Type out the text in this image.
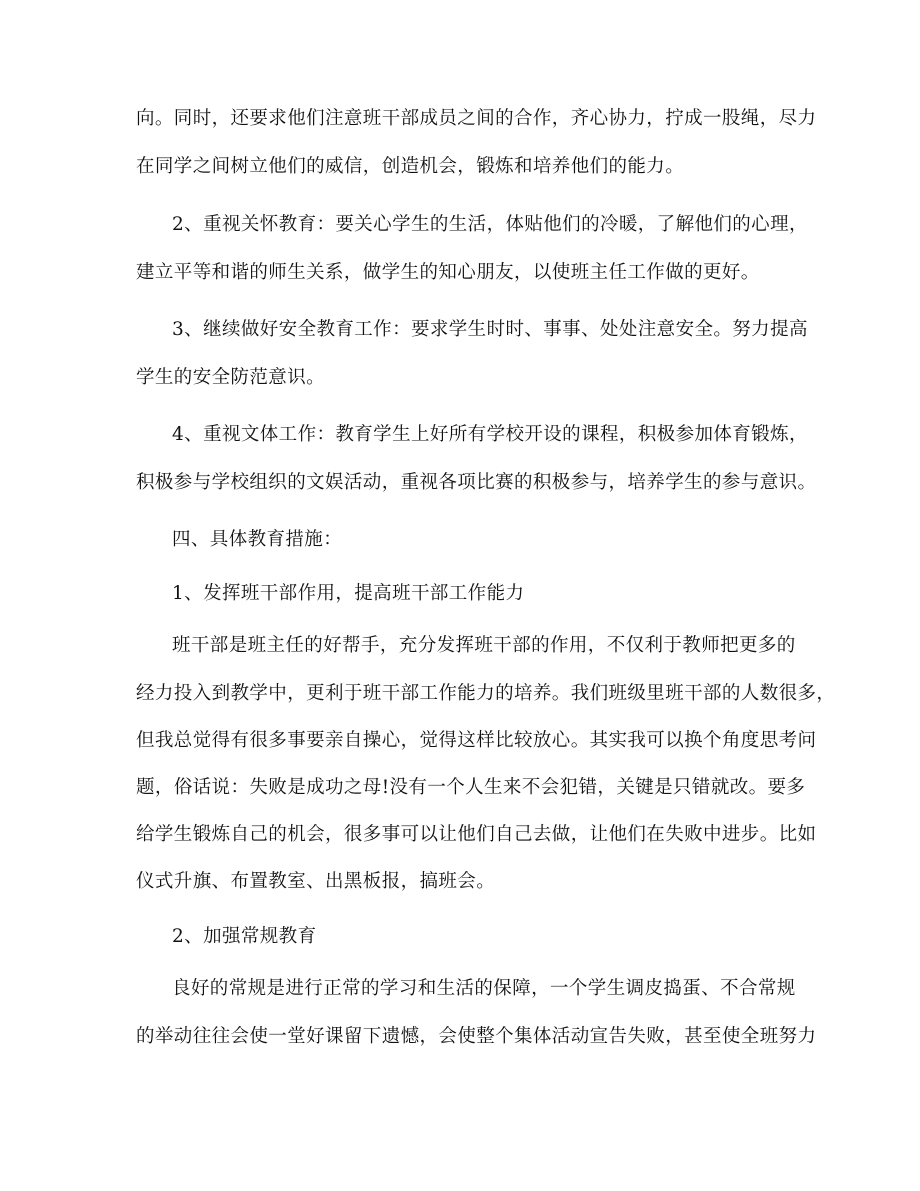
向。同时，还要求他们注意班干部成员之间的合作，齐心协力，拧成一股绳，尽力
在同学之间树立他们的威信，创造机会，锻炼和培养他们的能力。
2、重视关怀教育：要关心学生的生活，体贴他们的冷暖，了解他们的心理，
建立平等和谐的师生关系，做学生的知心朋友，以使班主任工作做的更好。
3、继续做好安全教育工作：要求学生时时、事事、处处注意安全。努力提高
学生的安全防范意识。
4、重视文体工作：教育学生上好所有学校开设的课程，积极参加体育锻炼，
积极参与学校组织的文娱活动，重视各项比赛的积极参与，培养学生的参与意识。
四、具体教育措施：
1、发挥班干部作用，提高班干部工作能力
班干部是班主任的好帮手，充分发挥班干部的作用，不仅利于教师把更多的
经力投入到教学中，更利于班干部工作能力的培养。我们班级里班干部的人数很多，
但我总觉得有很多事要亲自操心，觉得这样比较放心。其实我可以换个角度思考问
题，俗话说：失败是成功之母!没有一个人生来不会犯错，关键是只错就改。要多
给学生锻炼自己的机会，很多事可以让他们自己去做，让他们在失败中进步。比如
仪式升旗、布置教室、出黑板报，搞班会。
2、加强常规教育
良好的常规是进行正常的学习和生活的保障，一个学生调皮捣蛋、不合常规
的举动往往会使一堂好课留下遗憾，会使整个集体活动宣告失败，甚至使全班努力
